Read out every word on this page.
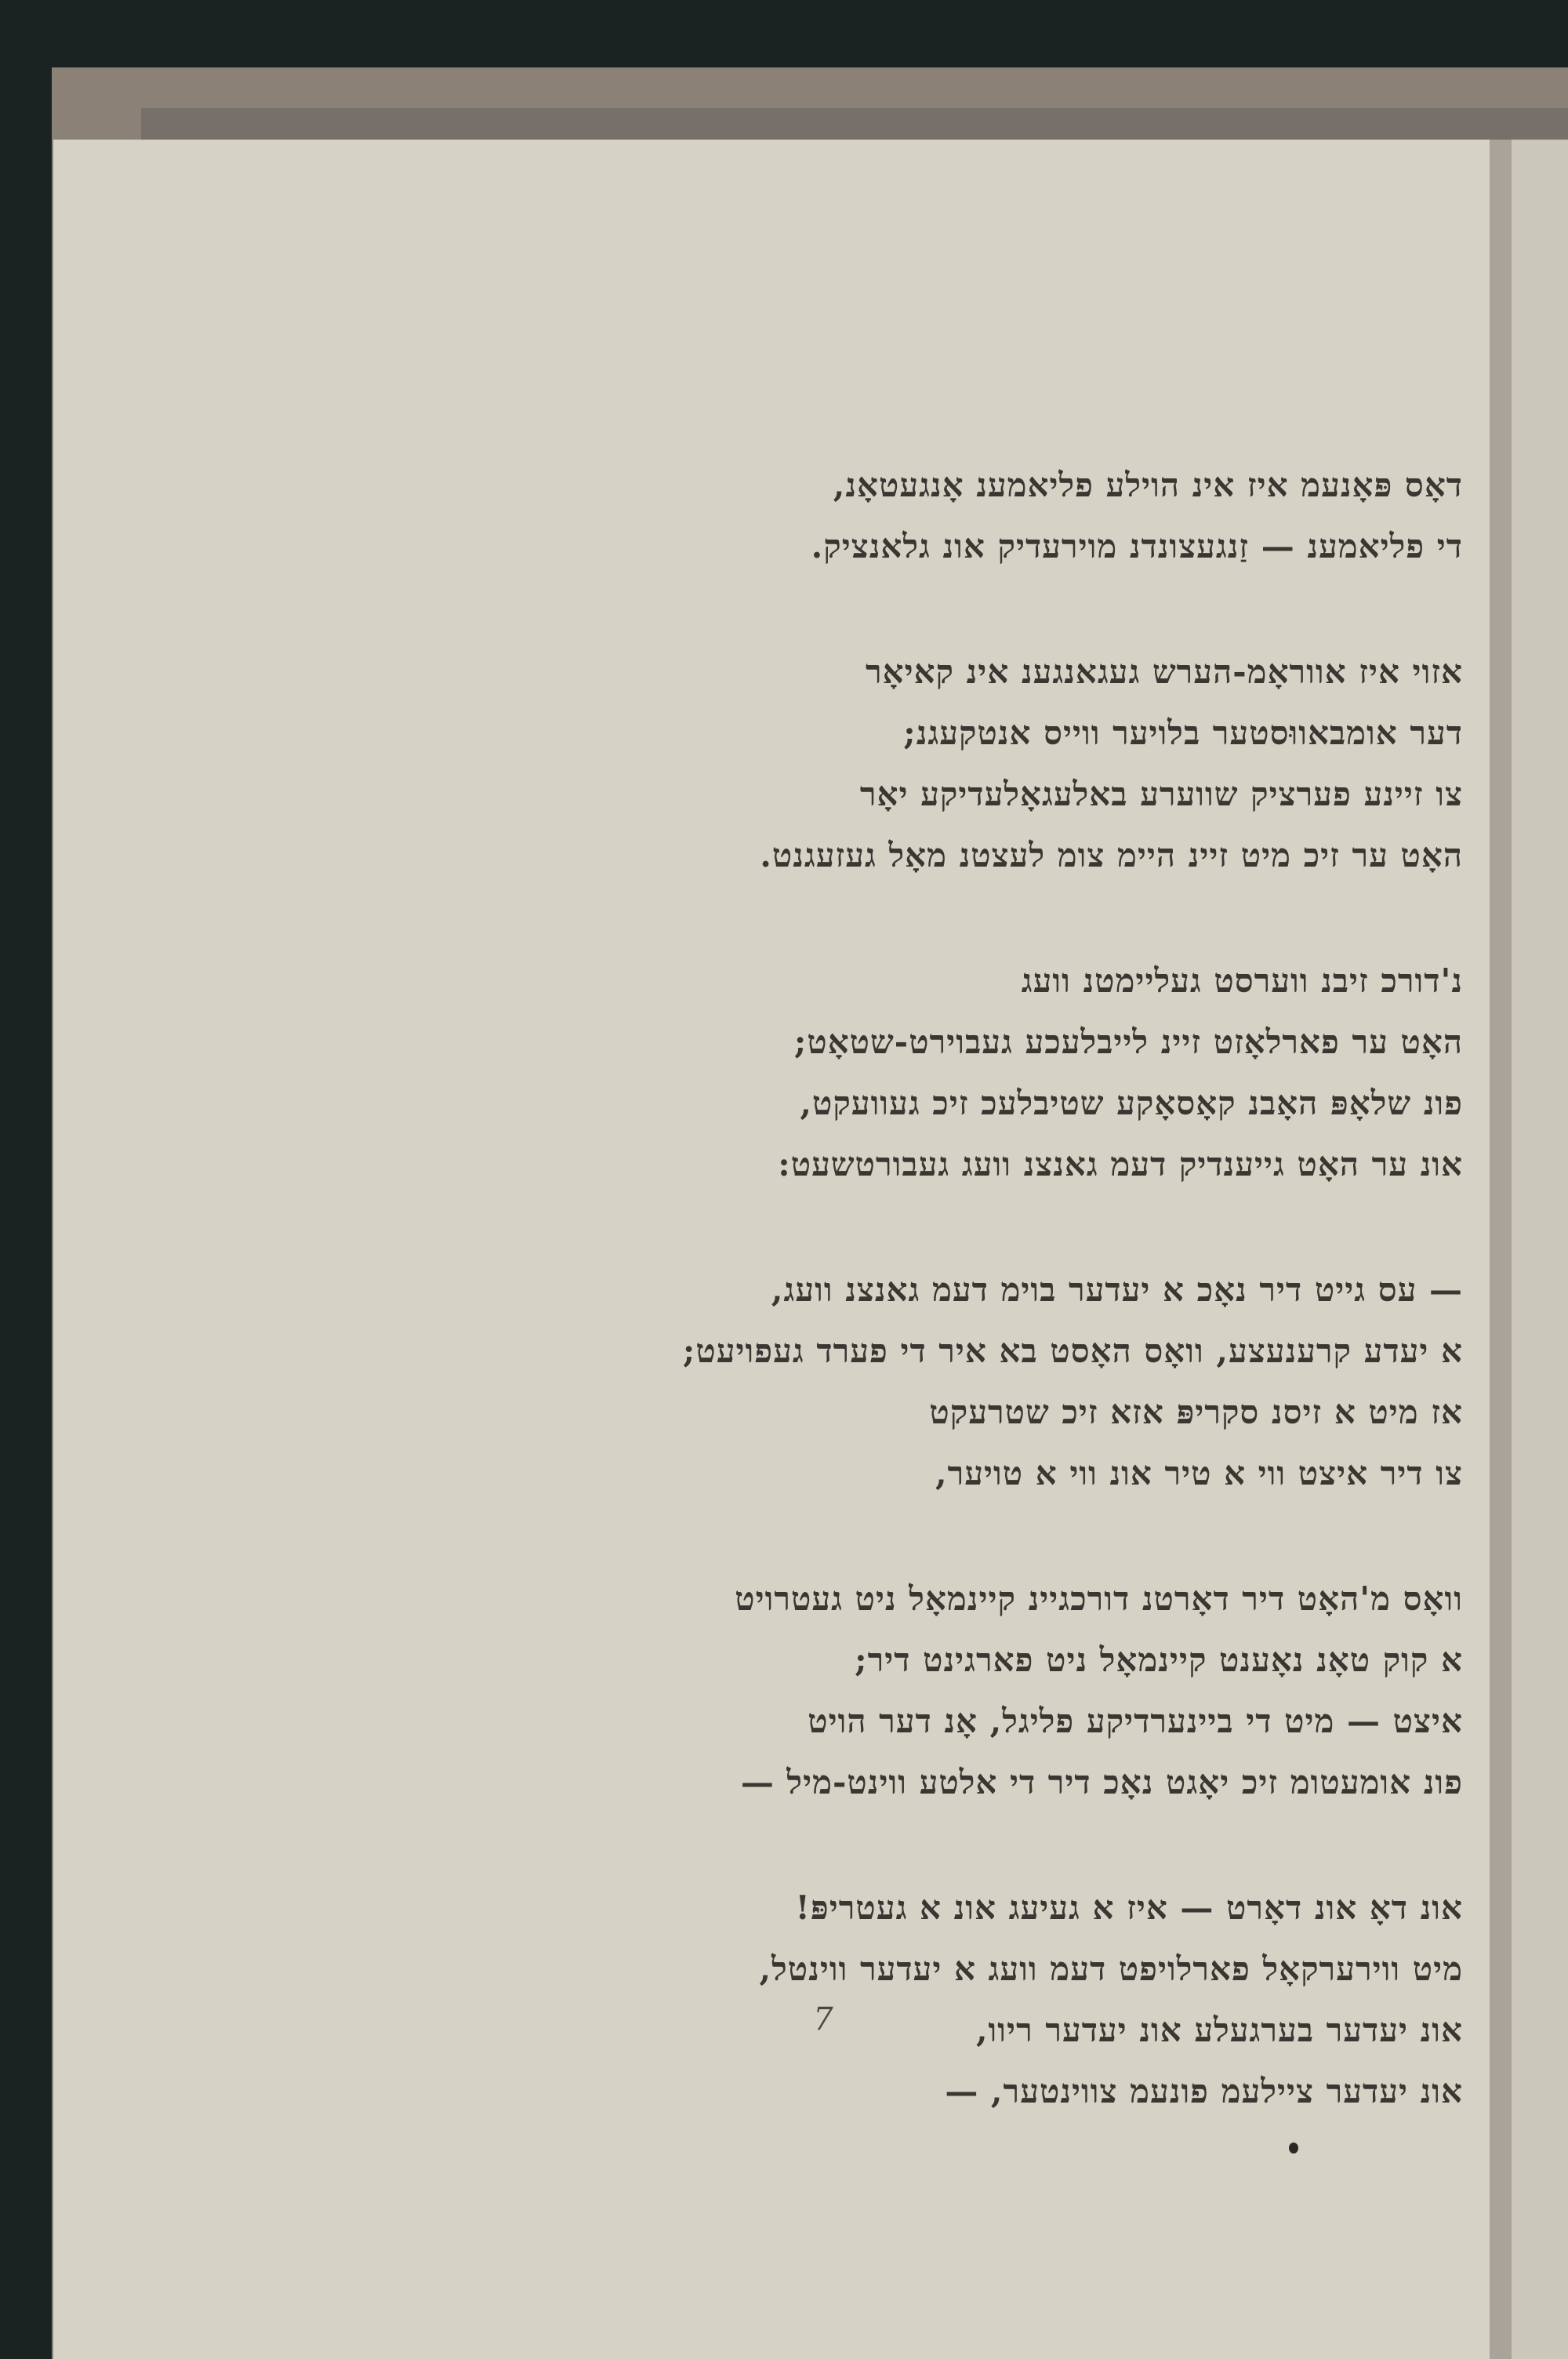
דאָס פּאָנעמ איז אינ הוילע פליאמענ אָנגעטאָנ,
די פליאמענ — זַנגעצונדנ מוירעדיק אונ גלאנציק.
אזוי איז אווראָמ-הערש געגאנגענ אינ קאיאָר
דער אומבאווּסטער בלויער ווייס אנטקעגנ;
צו זיינע פערציק שווערע באלעגאָלעדיקע יאָר
האָט ער זיכ מיט זיינ היימ צומ לעצטנ מאָל געזעגנט.
נ'דורכ זיבנ ווערסט געליימטנ וועג
האָט ער פארלאָזט זיינ לייבלעכע געבוירט-שטאָט;
פונ שלאָפּ האָבנ קאָסאָקע שטיבלעכ זיכ געוועקט,
אונ ער האָט גייענדיק דעמ גאנצנ וועג געבורטשעט:
— עס גייט דיר נאָכ א יעדער בוימ דעמ גאנצנ וועג,
א יעדע קרענעצע, וואָס האָסט בא איר די פערד געפויעט;
אז מיט א זיסנ סקריפּ אזא זיכ שטרעקט
צו דיר איצט ווי א טיר אונ ווי א טויער,
וואָס מ'האָט דיר דאָרטנ דורכגיינ קיינמאָל ניט געטרויט
א קוק טאָנ נאָענט קיינמאָל ניט פארגינט דיר;
איצט — מיט די ביינערדיקע פליגל, אָנ דער הויט
פונ אומעטומ זיכ יאָגט נאָכ דיר די אלטע ווינט-מיל —
אונ דאָ אונ דאָרט — איז א געיעג אונ א געטריפּ!
מיט ווירערקאָל פארלויפט דעמ וועג א יעדער ווינטל,
אונ יעדער בערגעלע אונ יעדער ריוו,
אונ יעדער ציילעמ פונעמ צווינטער, —
7
